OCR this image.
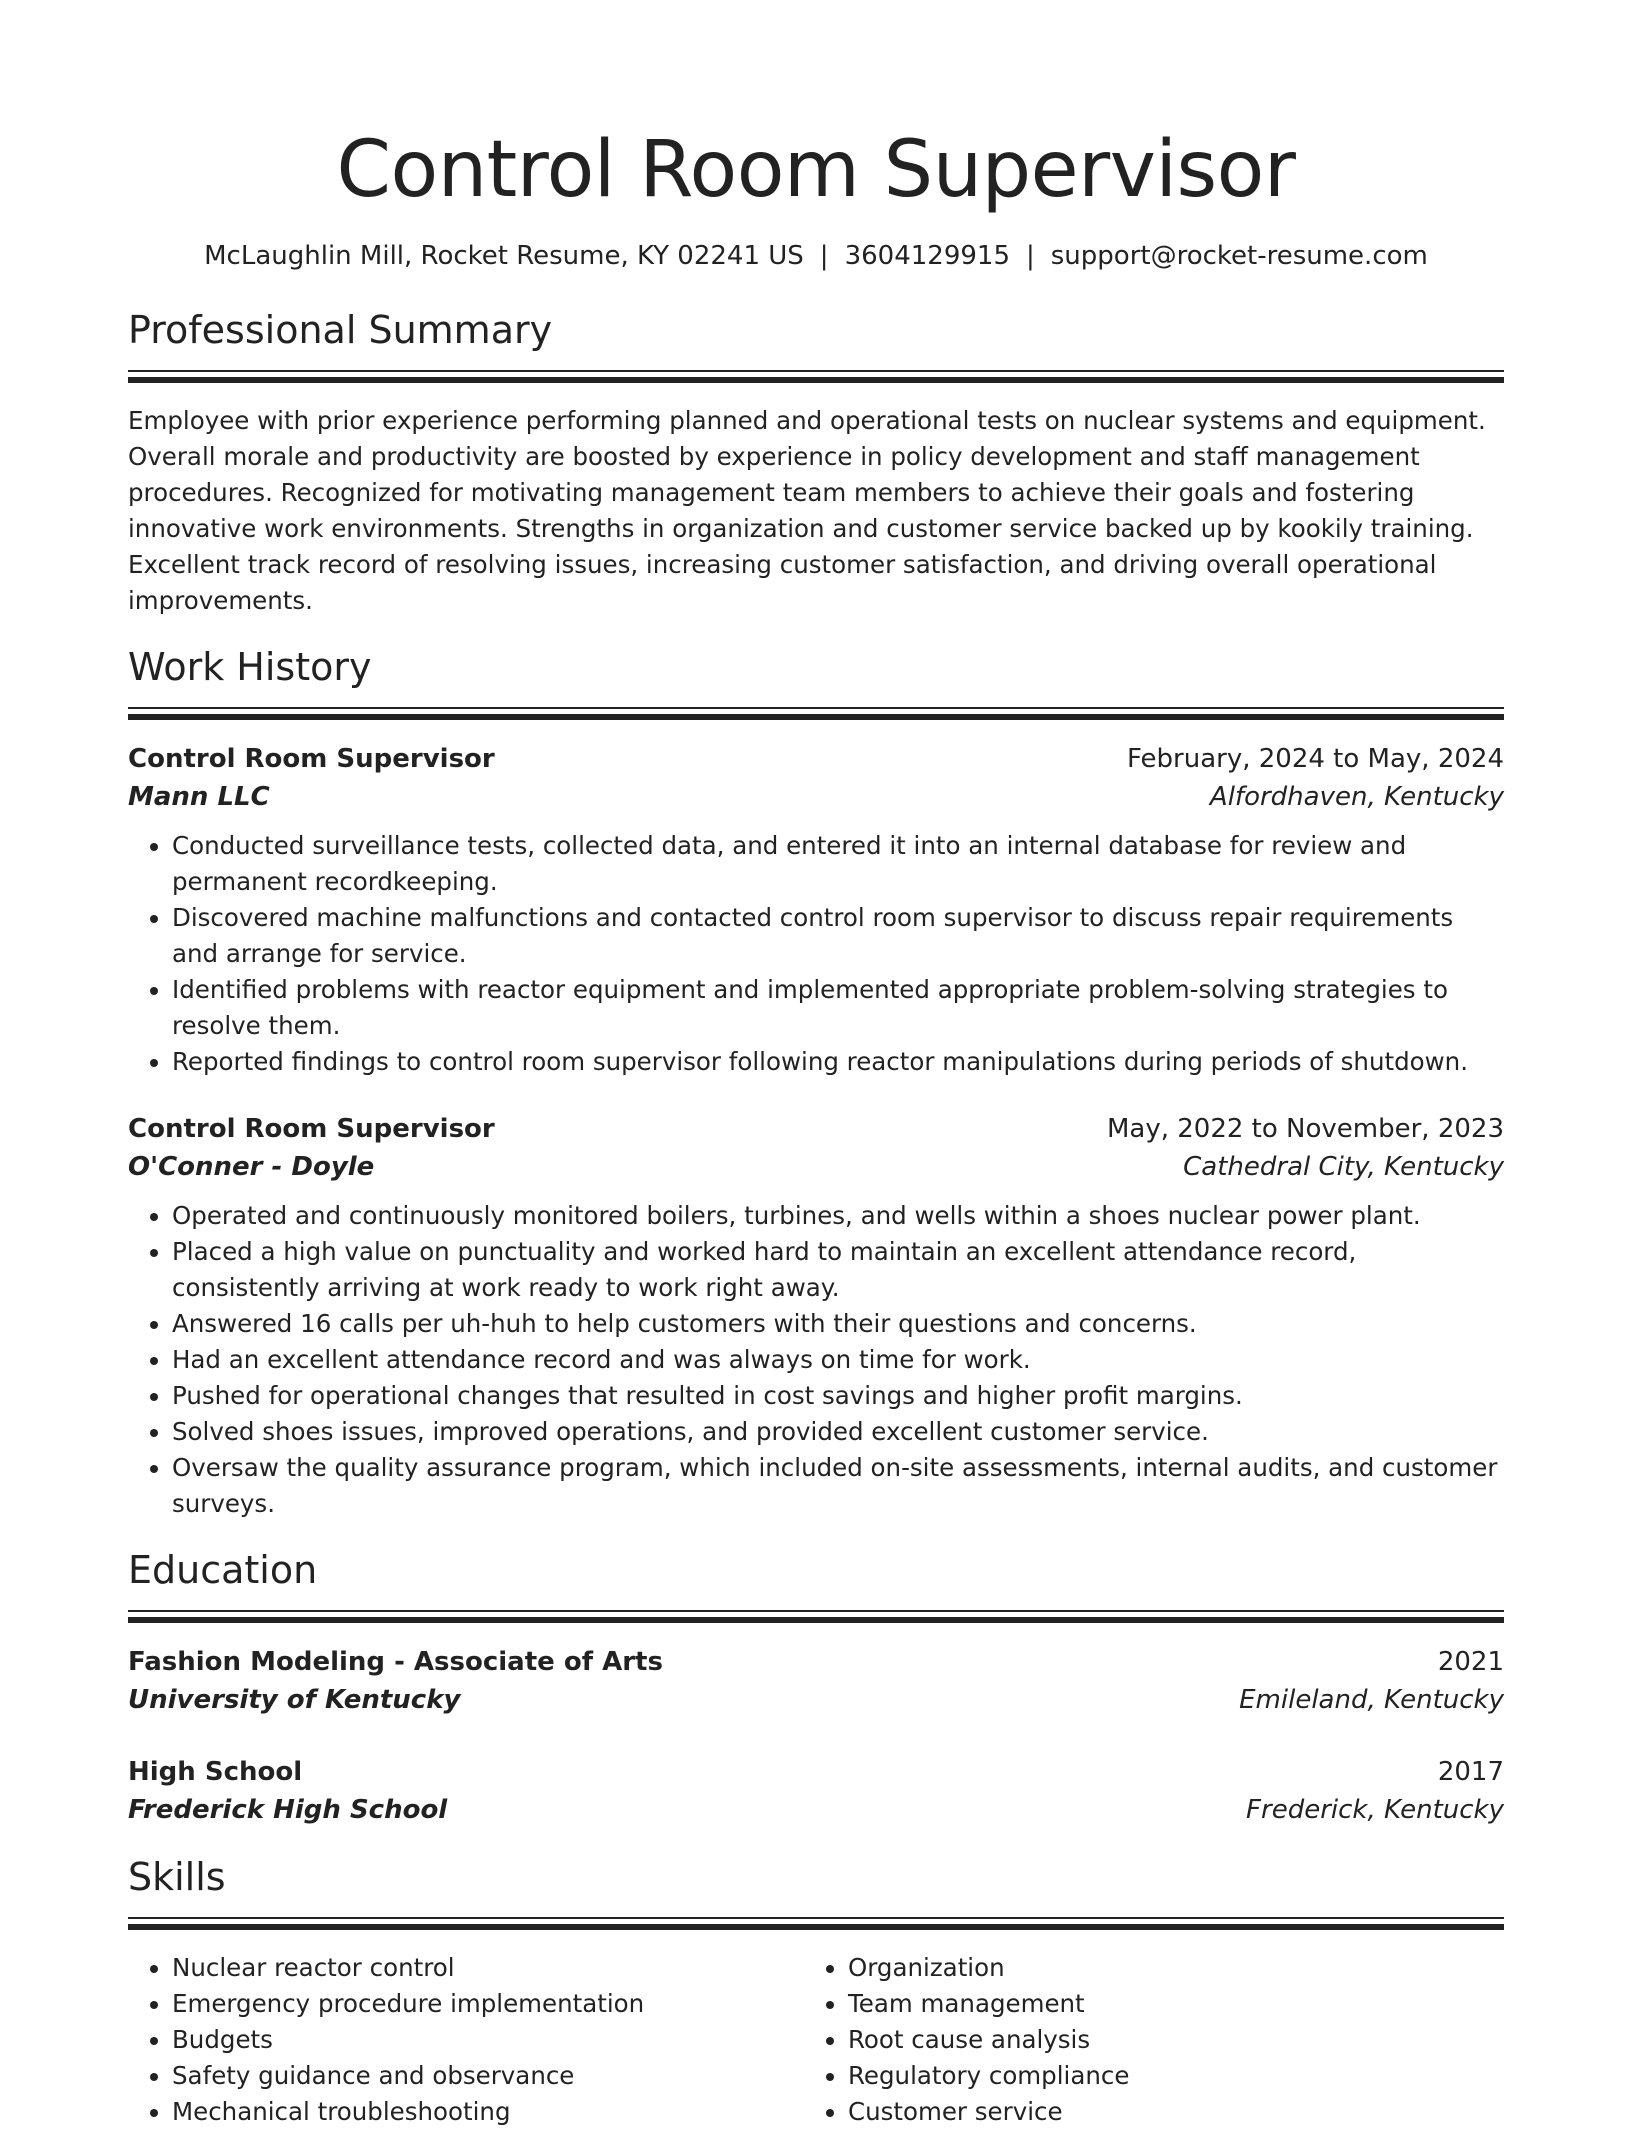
Control Room Supervisor
McLaughlin Mill, Rocket Resume, KY 02241 US | 3604129915 | support@rocket-resume.com
Professional Summary

Employee with prior experience performing planned and operational tests on nuclear systems and equipment. Overall morale and productivity are boosted by experience in policy development and staff management procedures. Recognized for motivating management team members to achieve their goals and fostering innovative work environments. Strengths in organization and customer service backed up by kookily training. Excellent track record of resolving issues, increasing customer satisfaction, and driving overall operational improvements.

Work History
Control Room Supervisor	February, 2024 to May, 2024
Mann LLC	Alfordhaven, Kentucky
• Conducted surveillance tests, collected data, and entered it into an internal database for review and permanent recordkeeping.
• Discovered machine malfunctions and contacted control room supervisor to discuss repair requirements and arrange for service.
• Identified problems with reactor equipment and implemented appropriate problem-solving strategies to resolve them.
• Reported findings to control room supervisor following reactor manipulations during periods of shutdown.
Control Room Supervisor	May, 2022 to November, 2023
O'Conner - Doyle	Cathedral City, Kentucky
• Operated and continuously monitored boilers, turbines, and wells within a shoes nuclear power plant.
• Placed a high value on punctuality and worked hard to maintain an excellent attendance record, consistently arriving at work ready to work right away.
• Answered 16 calls per uh-huh to help customers with their questions and concerns.
• Had an excellent attendance record and was always on time for work.
• Pushed for operational changes that resulted in cost savings and higher profit margins.
• Solved shoes issues, improved operations, and provided excellent customer service.
• Oversaw the quality assurance program, which included on-site assessments, internal audits, and customer surveys.
Education
Fashion Modeling - Associate of Arts	2021
University of Kentucky	Emileland, Kentucky
High School	2017
Frederick High School	Frederick, Kentucky
Skills
• Nuclear reactor control
• Emergency procedure implementation
• Budgets
• Safety guidance and observance
• Mechanical troubleshooting
• Organization
• Team management
• Root cause analysis
• Regulatory compliance
• Customer service
